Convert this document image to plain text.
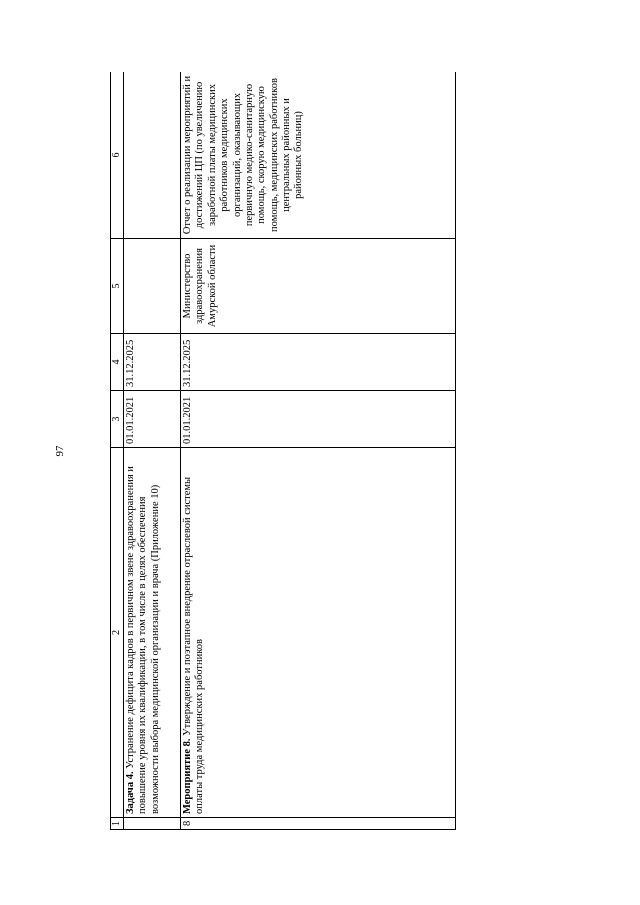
97
1	2	3	4	5	6
	Задача 4. Устранение дефицита кадров в первичном звене здравоохранения и повышение уровня их квалификации, в том числе в целях обеспечения возможности выбора медицинской организации и врача (Приложение 10)	01.01.2021	31.12.2025		
8	Мероприятие 8. Утверждение и поэтапное внедрение отраслевой системы оплаты труда медицинских работников	01.01.2021	31.12.2025	Министерство здравоохранения Амурской области	Отчет о реализации мероприятий и достижений ЦП (по увеличению заработной платы медицинских работников медицинских организаций, оказывающих первичную медико-санитарную помощь, скорую медицинскую помощь, медицинских работников центральных районных и районных больниц)
